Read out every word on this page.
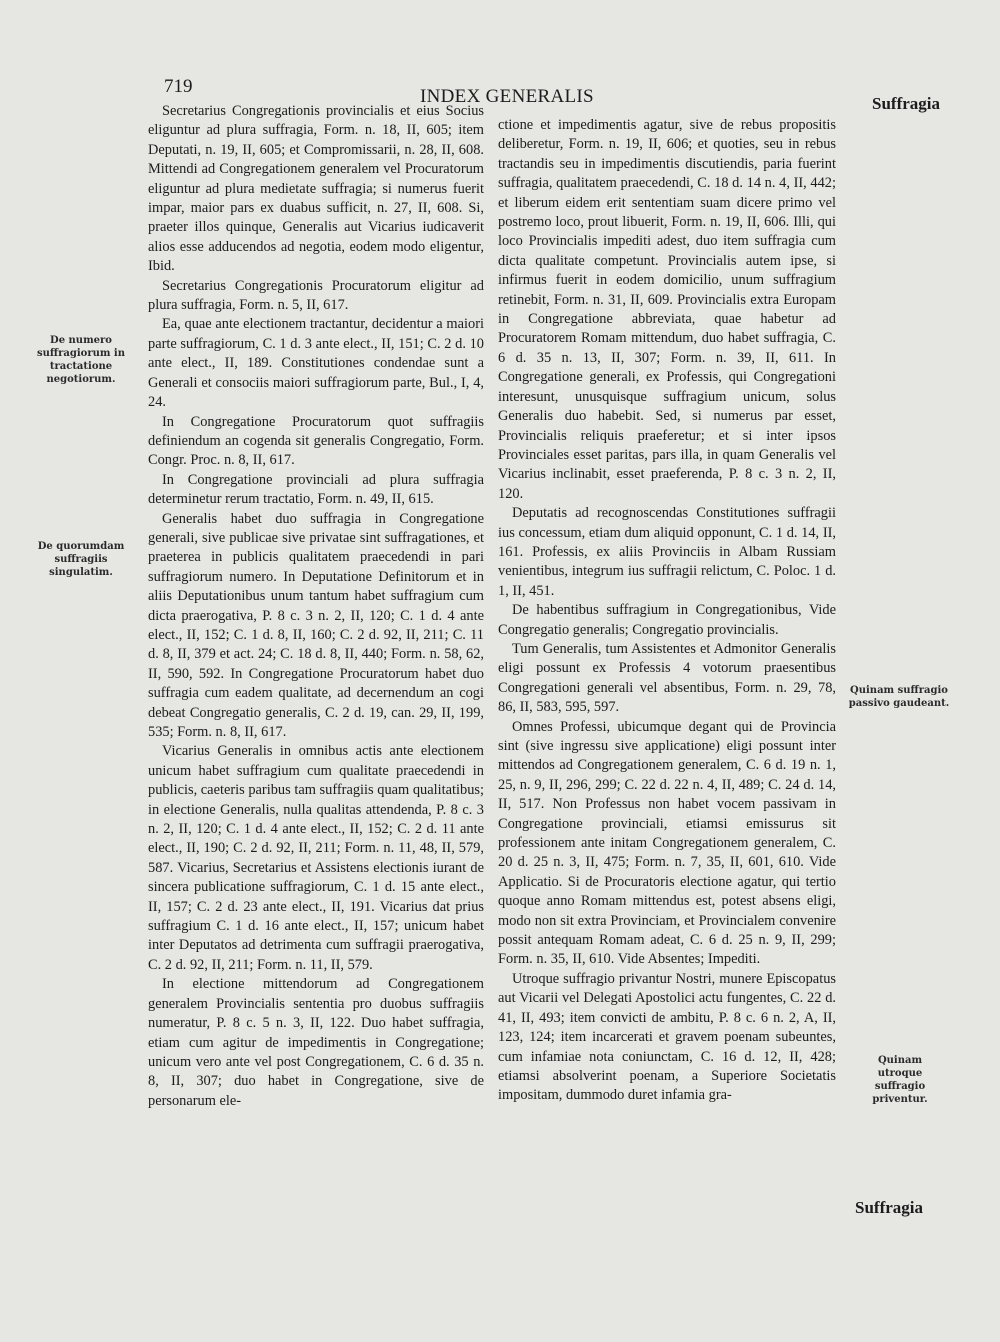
719	INDEX GENERALIS	Suffragia
De numero suffragiorum in tractatione negotiorum.
De quorumdam suffragiis singulatim.
Quinam suffragio passivo gaudeant.
Quinam utroque suffragio priventur.

Secretarius Congregationis provincialis et eius Socius eliguntur ad plura suffragia, Form. n. 18, II, 605; item Deputati, n. 19, II, 605; et Compromissarii, n. 28, II, 608. Mittendi ad Congregationem generalem vel Procuratorum eliguntur ad plura medietate suffragia; si numerus fuerit impar, maior pars ex duabus sufficit, n. 27, II, 608. Si, praeter illos quinque, Generalis aut Vicarius iudicaverit alios esse adducendos ad negotia, eodem modo eligentur, Ibid.

Secretarius Congregationis Procuratorum eligitur ad plura suffragia, Form. n. 5, II, 617.

Ea, quae ante electionem tractantur, decidentur a maiori parte suffragiorum, C. 1 d. 3 ante elect., II, 151; C. 2 d. 10 ante elect., II, 189. Constitutiones condendae sunt a Generali et consociis maiori suffragiorum parte, Bul., I, 4, 24.

In Congregatione Procuratorum quot suffragiis definiendum an cogenda sit generalis Congregatio, Form. Congr. Proc. n. 8, II, 617.

In Congregatione provinciali ad plura suffragia determinetur rerum tractatio, Form. n. 49, II, 615.

Generalis habet duo suffragia in Congregatione generali, sive publicae sive privatae sint suffragationes, et praeterea in publicis qualitatem praecedendi in pari suffragiorum numero. In Deputatione Definitorum et in aliis Deputationibus unum tantum habet suffragium cum dicta praerogativa, P. 8 c. 3 n. 2, II, 120; C. 1 d. 4 ante elect., II, 152; C. 1 d. 8, II, 160; C. 2 d. 92, II, 211; C. 11 d. 8, II, 379 et act. 24; C. 18 d. 8, II, 440; Form. n. 58, 62, II, 590, 592. In Congregatione Procuratorum habet duo suffragia cum eadem qualitate, ad decernendum an cogi debeat Congregatio generalis, C. 2 d. 19, can. 29, II, 199, 535; Form. n. 8, II, 617.

Vicarius Generalis in omnibus actis ante electionem unicum habet suffragium cum qualitate praecedendi in publicis, caeteris paribus tam suffragiis quam qualitatibus; in electione Generalis, nulla qualitas attendenda, P. 8 c. 3 n. 2, II, 120; C. 1 d. 4 ante elect., II, 152; C. 2 d. 11 ante elect., II, 190; C. 2 d. 92, II, 211; Form. n. 11, 48, II, 579, 587. Vicarius, Secretarius et Assistens electionis iurant de sincera publicatione suffragiorum, C. 1 d. 15 ante elect., II, 157; C. 2 d. 23 ante elect., II, 191. Vicarius dat prius suffragium C. 1 d. 16 ante elect., II, 157; unicum habet inter Deputatos ad detrimenta cum suffragii praerogativa, C. 2 d. 92, II, 211; Form. n. 11, II, 579.

In electione mittendorum ad Congregationem generalem Provincialis sententia pro duobus suffragiis numeratur, P. 8 c. 5 n. 3, II, 122. Duo habet suffragia, etiam cum agitur de impedimentis in Congregatione; unicum vero ante vel post Congregationem, C. 6 d. 35 n. 8, II, 307; duo habet in Congregatione, sive de personarum ele-

ctione et impedimentis agatur, sive de rebus propositis deliberetur, Form. n. 19, II, 606; et quoties, seu in rebus tractandis seu in impedimentis discutiendis, paria fuerint suffragia, qualitatem praecedendi, C. 18 d. 14 n. 4, II, 442; et liberum eidem erit sententiam suam dicere primo vel postremo loco, prout libuerit, Form. n. 19, II, 606. Illi, qui loco Provincialis impediti adest, duo item suffragia cum dicta qualitate competunt. Provincialis autem ipse, si infirmus fuerit in eodem domicilio, unum suffragium retinebit, Form. n. 31, II, 609. Provincialis extra Europam in Congregatione abbreviata, quae habetur ad Procuratorem Romam mittendum, duo habet suffragia, C. 6 d. 35 n. 13, II, 307; Form. n. 39, II, 611. In Congregatione generali, ex Professis, qui Congregationi interesunt, unusquisque suffragium unicum, solus Generalis duo habebit. Sed, si numerus par esset, Provincialis reliquis praeferetur; et si inter ipsos Provinciales esset paritas, pars illa, in quam Generalis vel Vicarius inclinabit, esset praeferenda, P. 8 c. 3 n. 2, II, 120.

Deputatis ad recognoscendas Constitutiones suffragii ius concessum, etiam dum aliquid opponunt, C. 1 d. 14, II, 161. Professis, ex aliis Provinciis in Albam Russiam venientibus, integrum ius suffragii relictum, C. Poloc. 1 d. 1, II, 451.

De habentibus suffragium in Congregationibus, Vide Congregatio generalis; Congregatio provincialis.

Tum Generalis, tum Assistentes et Admonitor Generalis eligi possunt ex Professis 4 votorum praesentibus Congregationi generali vel absentibus, Form. n. 29, 78, 86, II, 583, 595, 597.

Omnes Professi, ubicumque degant qui de Provincia sint (sive ingressu sive applicatione) eligi possunt inter mittendos ad Congregationem generalem, C. 6 d. 19 n. 1, 25, n. 9, II, 296, 299; C. 22 d. 22 n. 4, II, 489; C. 24 d. 14, II, 517. Non Professus non habet vocem passivam in Congregatione provinciali, etiamsi emissurus sit professionem ante initam Congregationem generalem, C. 20 d. 25 n. 3, II, 475; Form. n. 7, 35, II, 601, 610. Vide Applicatio. Si de Procuratoris electione agatur, qui tertio quoque anno Romam mittendus est, potest absens eligi, modo non sit extra Provinciam, et Provincialem convenire possit antequam Romam adeat, C. 6 d. 25 n. 9, II, 299; Form. n. 35, II, 610. Vide Absentes; Impediti.

Utroque suffragio privantur Nostri, munere Episcopatus aut Vicarii vel Delegati Apostolici actu fungentes, C. 22 d. 41, II, 493; item convicti de ambitu, P. 8 c. 6 n. 2, A, II, 123, 124; item incarcerati et gravem poenam subeuntes, cum infamiae nota coniunctam, C. 16 d. 12, II, 428; etiamsi absolverint poenam, a Superiore Societatis impositam, dummodo duret infamia gra-

Suffragia
